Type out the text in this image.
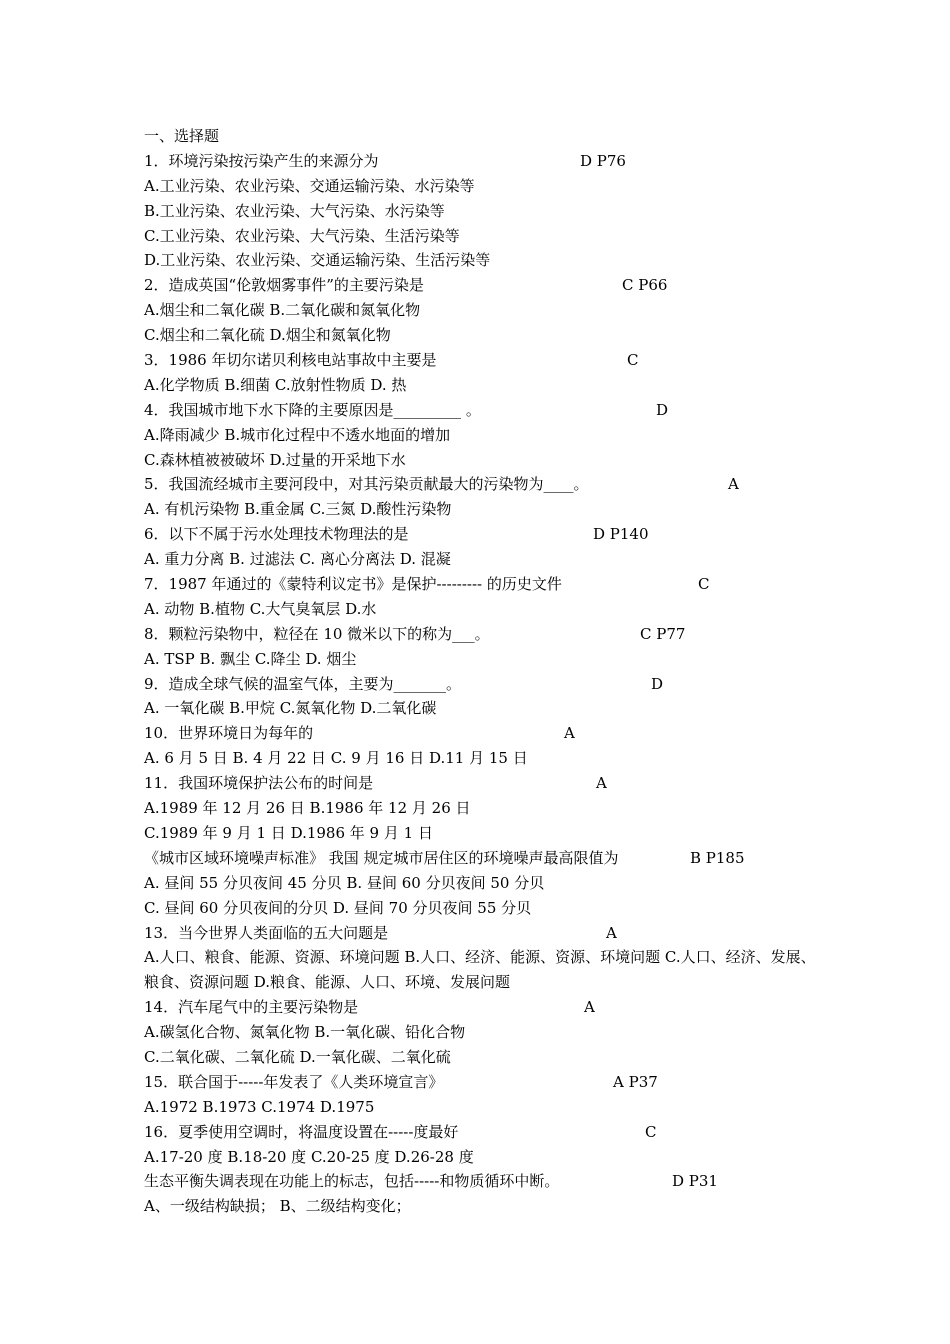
一、选择题
1．环境污染按污染产生的来源分为	D P76
A.工业污染、农业污染、交通运输污染、水污染等
B.工业污染、农业污染、大气污染、水污染等
C.工业污染、农业污染、大气污染、生活污染等
D.工业污染、农业污染、交通运输污染、生活污染等
2．造成英国“伦敦烟雾事件”的主要污染是	C P66
A.烟尘和二氧化碳 B.二氧化碳和氮氧化物
C.烟尘和二氧化硫 D.烟尘和氮氧化物
3．1986 年切尔诺贝利核电站事故中主要是	C
A.化学物质 B.细菌 C.放射性物质 D. 热
4．我国城市地下水下降的主要原因是_________ 。	D
A.降雨减少 B.城市化过程中不透水地面的增加
C.森林植被被破坏 D.过量的开采地下水
5．我国流经城市主要河段中，对其污染贡献最大的污染物为____。	A
A. 有机污染物 B.重金属 C.三氮 D.酸性污染物
6．以下不属于污水处理技术物理法的是	D P140
A. 重力分离 B. 过滤法 C. 离心分离法 D. 混凝
7．1987 年通过的《蒙特利议定书》是保护--------- 的历史文件	C
A. 动物 B.植物 C.大气臭氧层 D.水
8．颗粒污染物中，粒径在 10 微米以下的称为___。	C P77
A. TSP B. 飘尘 C.降尘 D. 烟尘
9．造成全球气候的温室气体，主要为_______。	D
A. 一氧化碳 B.甲烷 C.氮氧化物 D.二氧化碳
10．世界环境日为每年的	A
A. 6 月 5 日 B. 4 月 22 日 C. 9 月 16 日 D.11 月 15 日
11．我国环境保护法公布的时间是	A
A.1989 年 12 月 26 日 B.1986 年 12 月 26 日
C.1989 年 9 月 1 日 D.1986 年 9 月 1 日
《城市区域环境噪声标准》 我国 规定城市居住区的环境噪声最高限值为	B P185
A. 昼间 55 分贝夜间 45 分贝 B. 昼间 60 分贝夜间 50 分贝
C. 昼间 60 分贝夜间的分贝 D. 昼间 70 分贝夜间 55 分贝
13．当今世界人类面临的五大问题是	A
A.人口、粮食、能源、资源、环境问题 B.人口、经济、能源、资源、环境问题 C.人口、经济、发展、
粮食、资源问题 D.粮食、能源、人口、环境、发展问题
14．汽车尾气中的主要污染物是	A
A.碳氢化合物、氮氧化物 B.一氧化碳、铅化合物
C.二氧化碳、二氧化硫 D.一氧化碳、二氧化硫
15．联合国于-----年发表了《人类环境宣言》	A P37
A.1972 B.1973 C.1974 D.1975
16．夏季使用空调时，将温度设置在-----度最好	C
A.17-20 度 B.18-20 度 C.20-25 度 D.26-28 度
生态平衡失调表现在功能上的标志，包括-----和物质循环中断。	D P31
A、一级结构缺损； B、二级结构变化；
